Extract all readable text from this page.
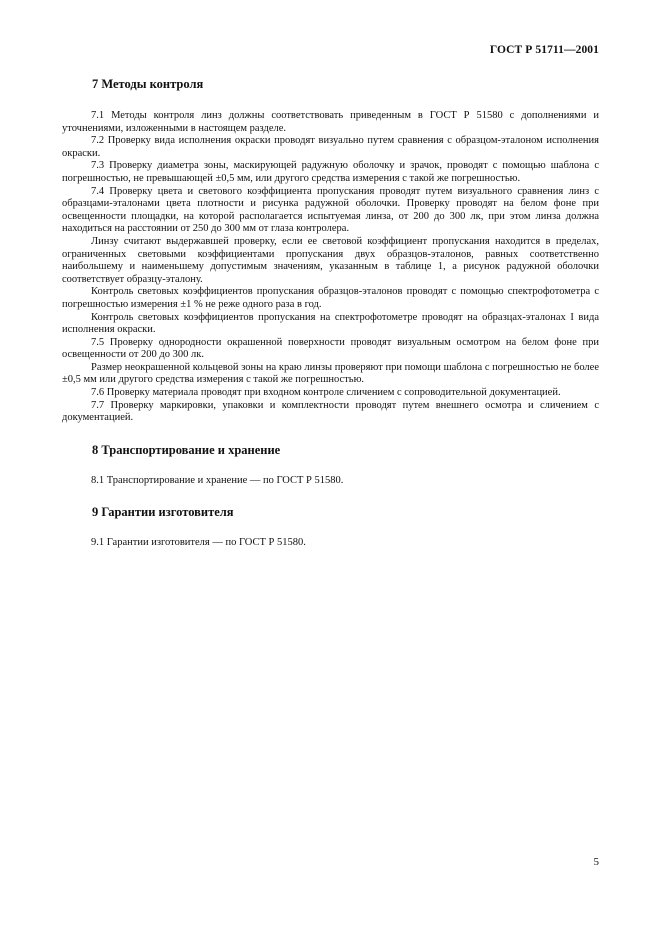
ГОСТ Р 51711—2001
7 Методы контроля

7.1 Методы контроля линз должны соответствовать приведенным в ГОСТ Р 51580 с дополнениями и уточнениями, изложенными в настоящем разделе.

7.2 Проверку вида исполнения окраски проводят визуально путем сравнения с образцом-эталоном исполнения окраски.

7.3 Проверку диаметра зоны, маскирующей радужную оболочку и зрачок, проводят с помощью шаблона с погрешностью, не превышающей ±0,5 мм, или другого средства измерения с такой же погрешностью.

7.4 Проверку цвета и световогo коэффициента пропускания проводят путем визуального сравнения линз с образцами-эталонами цвета плотности и рисунка радужной оболочки. Проверку проводят на белом фоне при освещенности площадки, на которой располагается испытуемая линза, от 200 до 300 лк, при этом линза должна находиться на расстоянии от 250 до 300 мм от глаза контролера.

Линзу считают выдержавшей проверку, если ее световой коэффициент пропускания находится в пределах, ограниченных световыми коэффициентами пропускания двух образцов-эталонов, равных соответственно наибольшему и наименьшему допустимым значениям, указанным в таблице 1, а рисунок радужной оболочки соответствует образцу-эталону.

Контроль световых коэффициентов пропускания образцов-эталонов проводят с помощью спектрофотометра с погрешностью измерения ±1 % не реже одного раза в год.

Контроль световых коэффициентов пропускания на спектрофотометре проводят на образцах-эталонах I вида исполнения окраски.

7.5 Проверку однородности окрашенной поверхности проводят визуальным осмотром на белом фоне при освещенности от 200 до 300 лк.

Размер неокрашенной кольцевой зоны на краю линзы проверяют при помощи шаблона с погрешностью не более ±0,5 мм или другого средства измерения с такой же погрешностью.

7.6 Проверку материала проводят при входном контроле сличением с сопроводительной документацией.

7.7 Проверку маркировки, упаковки и комплектности проводят путем внешнего осмотра и сличением с документацией.

8 Транспортирование и хранение

8.1 Транспортирование и хранение — по ГОСТ Р 51580.

9 Гарантии изготовителя

9.1 Гарантии изготовителя — по ГОСТ Р 51580.

5
